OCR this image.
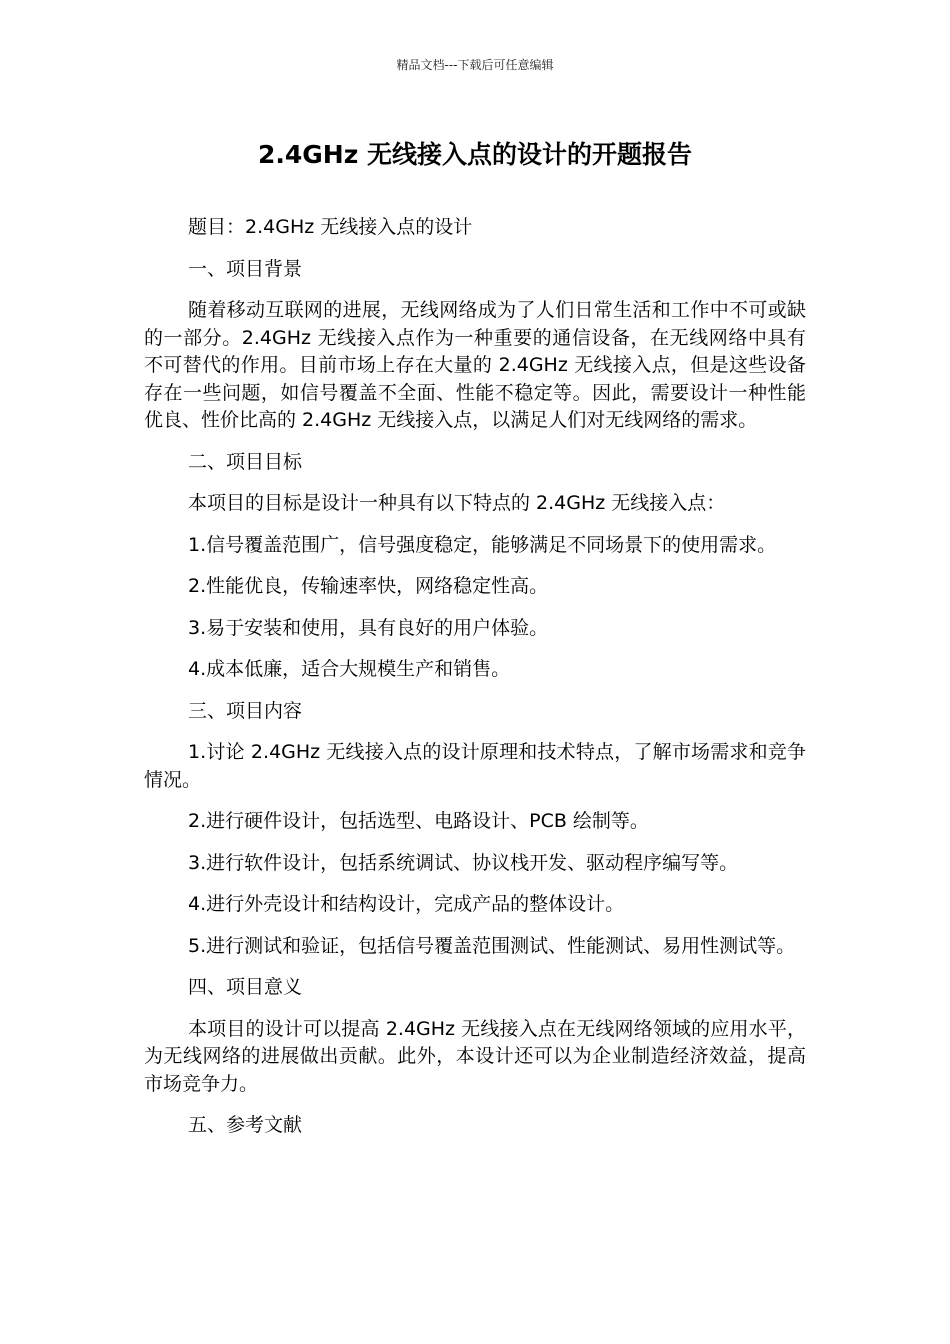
精品文档---下载后可任意编辑
2.4GHz 无线接入点的设计的开题报告

题目：2.4GHz 无线接入点的设计

一、项目背景

随着移动互联网的进展，无线网络成为了人们日常生活和工作中不可或缺的一部分。2.4GHz 无线接入点作为一种重要的通信设备，在无线网络中具有不可替代的作用。目前市场上存在大量的 2.4GHz 无线接入点，但是这些设备存在一些问题，如信号覆盖不全面、性能不稳定等。因此，需要设计一种性能优良、性价比高的 2.4GHz 无线接入点，以满足人们对无线网络的需求。

二、项目目标

本项目的目标是设计一种具有以下特点的 2.4GHz 无线接入点：

1.信号覆盖范围广，信号强度稳定，能够满足不同场景下的使用需求。

2.性能优良，传输速率快，网络稳定性高。

3.易于安装和使用，具有良好的用户体验。

4.成本低廉，适合大规模生产和销售。

三、项目内容

1.讨论 2.4GHz 无线接入点的设计原理和技术特点，了解市场需求和竞争情况。

2.进行硬件设计，包括选型、电路设计、PCB 绘制等。

3.进行软件设计，包括系统调试、协议栈开发、驱动程序编写等。

4.进行外壳设计和结构设计，完成产品的整体设计。

5.进行测试和验证，包括信号覆盖范围测试、性能测试、易用性测试等。

四、项目意义

本项目的设计可以提高 2.4GHz 无线接入点在无线网络领域的应用水平，为无线网络的进展做出贡献。此外，本设计还可以为企业制造经济效益，提高市场竞争力。

五、参考文献
